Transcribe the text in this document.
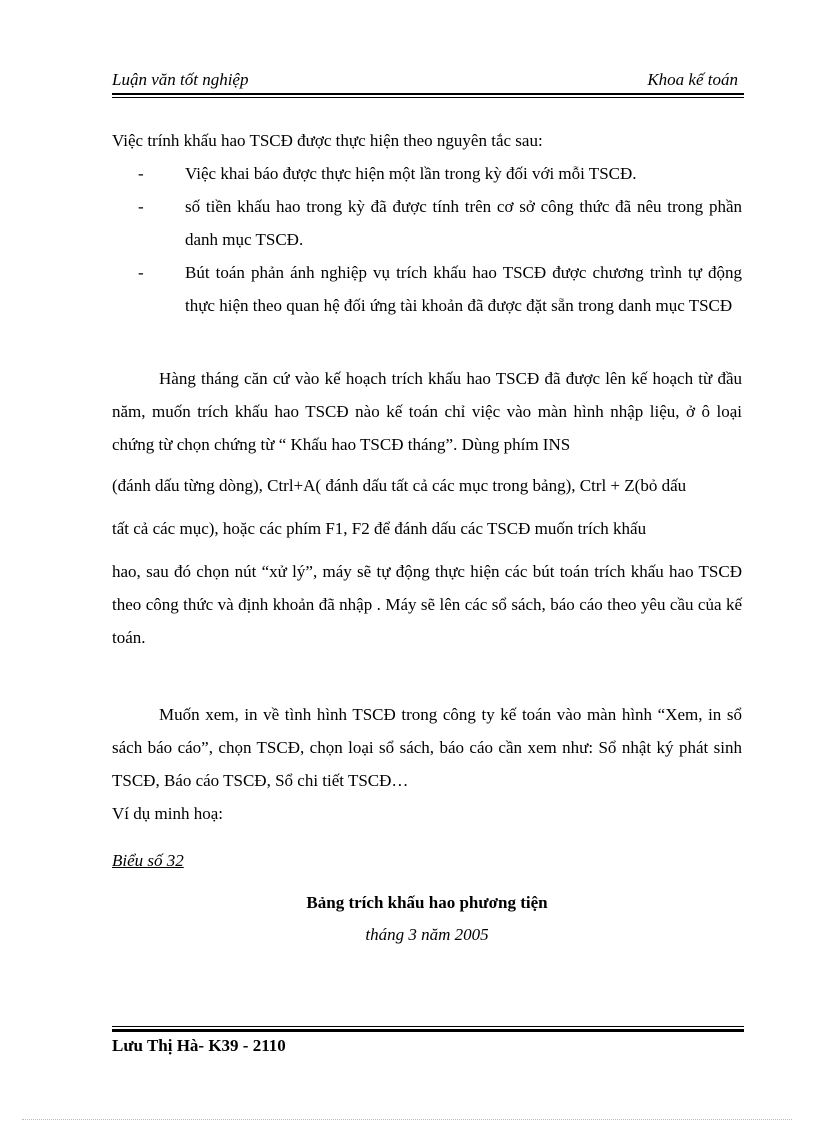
Luận văn tốt nghiệp	Khoa kế toán

Việc trính khấu hao TSCĐ được thực hiện theo nguyên tắc sau:

- Việc khai báo được thực hiện một lần trong kỳ đối với mỗi TSCĐ.
- số tiền khấu hao trong kỳ đã được tính trên cơ sở công thức đã nêu trong phần danh mục TSCĐ.
- Bút toán phản ánh nghiệp vụ trích khấu hao TSCĐ được chương trình tự động thực hiện theo quan hệ đối ứng tài khoản đã được đặt sẵn trong danh mục TSCĐ

Hàng tháng căn cứ vào kế hoạch trích khấu hao TSCĐ đã được lên kế hoạch từ đầu năm, muốn trích khấu hao TSCĐ nào kế toán chỉ việc vào màn hình nhập liệu, ở ô loại chứng từ chọn chứng từ “ Khấu hao TSCĐ tháng”. Dùng phím INS

(đánh dấu từng dòng), Ctrl+A( đánh dấu tất cả các mục trong bảng), Ctrl + Z(bỏ dấu

tất cả các mục), hoặc các phím F1, F2 để đánh dấu các TSCĐ muốn trích khấu

hao, sau đó chọn nút “xử lý”, máy sẽ tự động thực hiện các bút toán trích khấu hao TSCĐ theo công thức và định khoản đã nhập . Máy sẽ lên các sổ sách, báo cáo theo yêu cầu của kế toán.

Muốn xem, in về tình hình TSCĐ trong công ty kế toán vào màn hình “Xem, in sổ sách báo cáo”, chọn TSCĐ, chọn loại sổ sách, báo cáo cần xem như: Sổ nhật ký phát sinh TSCĐ, Báo cáo TSCĐ, Sổ chi tiết TSCĐ…

Ví dụ minh hoạ:

Biểu số 32
Bảng trích khấu hao phương tiện
tháng 3 năm 2005
Lưu Thị Hà- K39 - 2110
